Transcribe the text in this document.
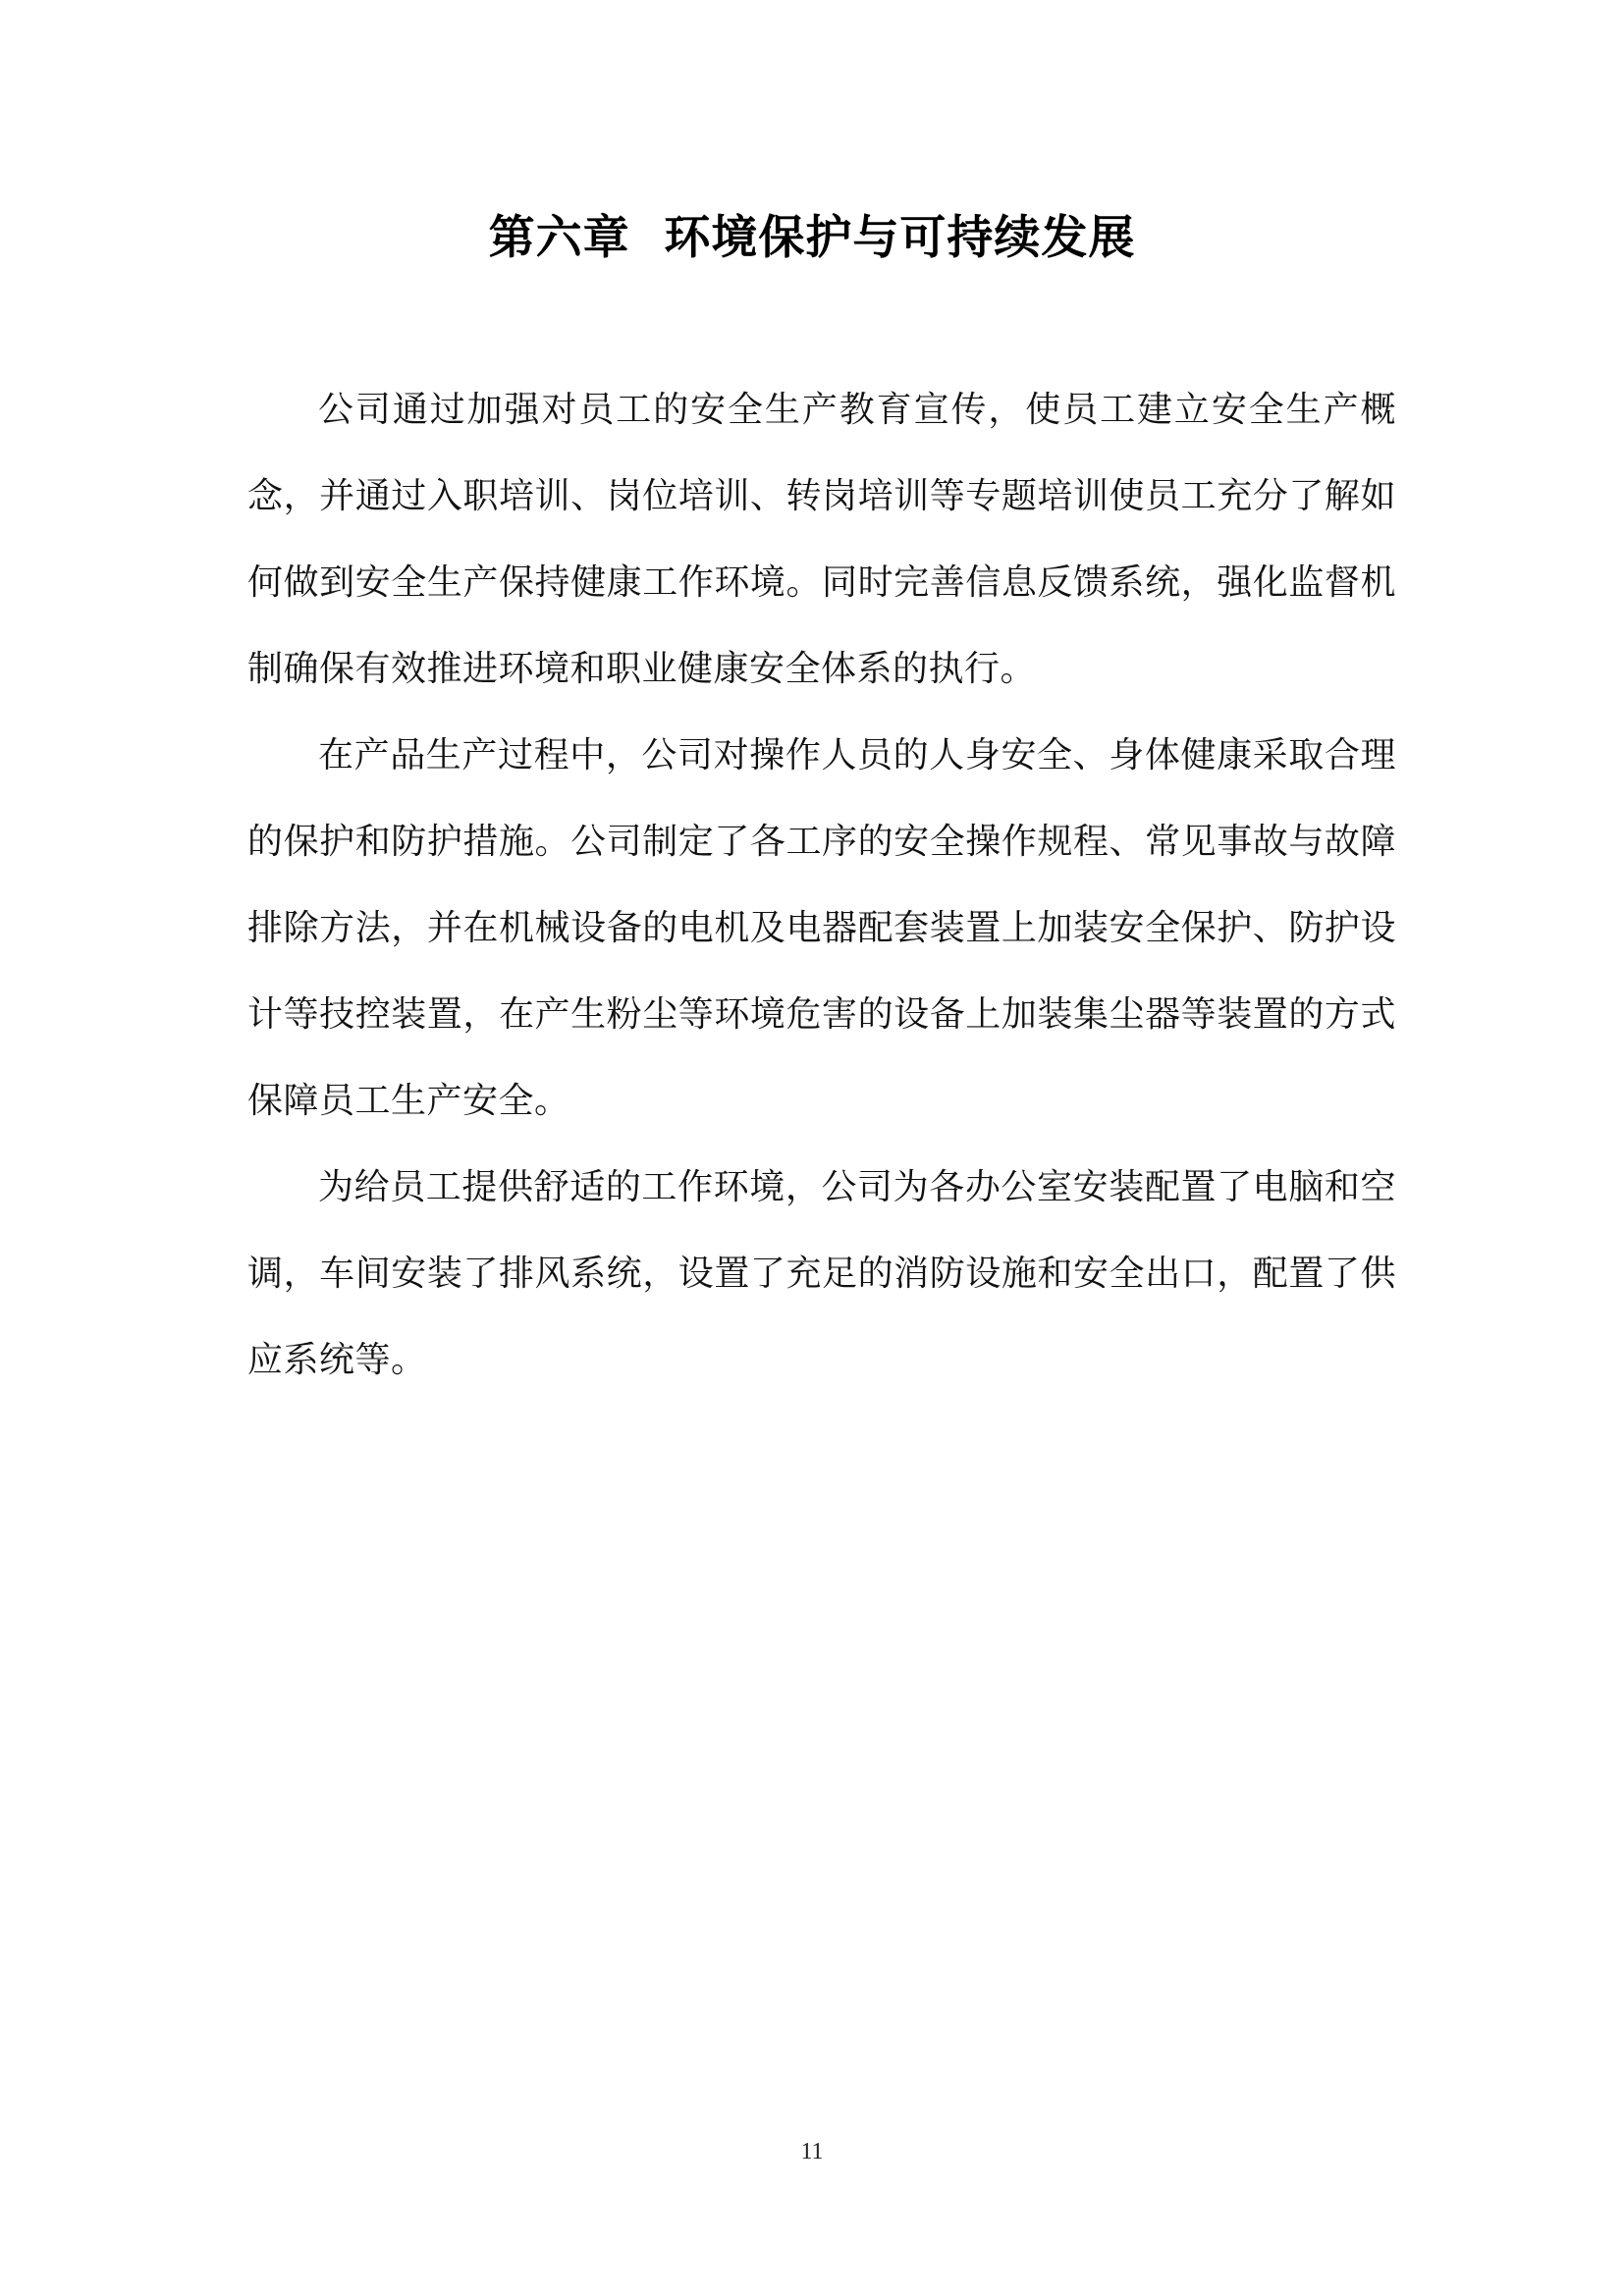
第六章  环境保护与可持续发展

公司通过加强对员工的安全生产教育宣传，使员工建立安全生产概念，并通过入职培训、岗位培训、转岗培训等专题培训使员工充分了解如何做到安全生产保持健康工作环境。同时完善信息反馈系统，强化监督机制确保有效推进环境和职业健康安全体系的执行。

在产品生产过程中，公司对操作人员的人身安全、身体健康采取合理的保护和防护措施。公司制定了各工序的安全操作规程、常见事故与故障排除方法，并在机械设备的电机及电器配套装置上加装安全保护、防护设计等技控装置，在产生粉尘等环境危害的设备上加装集尘器等装置的方式保障员工生产安全。

为给员工提供舒适的工作环境，公司为各办公室安装配置了电脑和空调，车间安装了排风系统，设置了充足的消防设施和安全出口，配置了供应系统等。

11
